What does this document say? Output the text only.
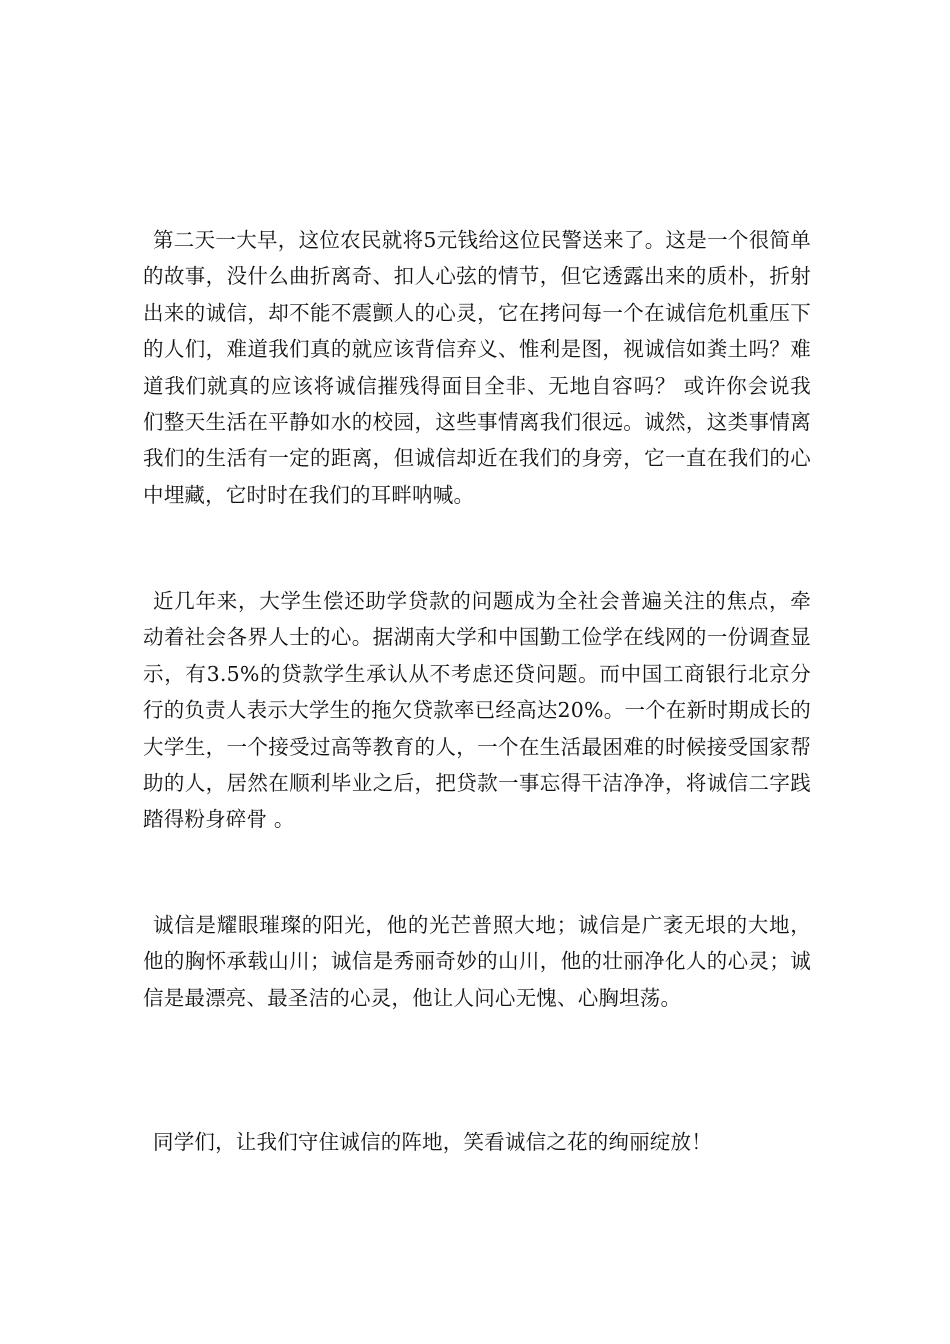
第二天一大早，这位农民就将5元钱给这位民警送来了。这是一个很简单的故事，没什么曲折离奇、扣人心弦的情节，但它透露出来的质朴，折射出来的诚信，却不能不震颤人的心灵，它在拷问每一个在诚信危机重压下的人们，难道我们真的就应该背信弃义、惟利是图，视诚信如粪土吗？难道我们就真的应该将诚信摧残得面目全非、无地自容吗？ 或许你会说我们整天生活在平静如水的校园，这些事情离我们很远。诚然，这类事情离我们的生活有一定的距离，但诚信却近在我们的身旁，它一直在我们的心中埋藏，它时时在我们的耳畔呐喊。

近几年来，大学生偿还助学贷款的问题成为全社会普遍关注的焦点，牵动着社会各界人士的心。据湖南大学和中国勤工俭学在线网的一份调查显示，有3.5%的贷款学生承认从不考虑还贷问题。而中国工商银行北京分行的负责人表示大学生的拖欠贷款率已经高达20%。一个在新时期成长的大学生，一个接受过高等教育的人，一个在生活最困难的时候接受国家帮助的人，居然在顺利毕业之后，把贷款一事忘得干洁净净，将诚信二字践踏得粉身碎骨 。

诚信是耀眼璀璨的阳光，他的光芒普照大地；诚信是广袤无垠的大地，他的胸怀承载山川；诚信是秀丽奇妙的山川，他的壮丽净化人的心灵；诚信是最漂亮、最圣洁的心灵，他让人问心无愧、心胸坦荡。

同学们，让我们守住诚信的阵地，笑看诚信之花的绚丽绽放！
